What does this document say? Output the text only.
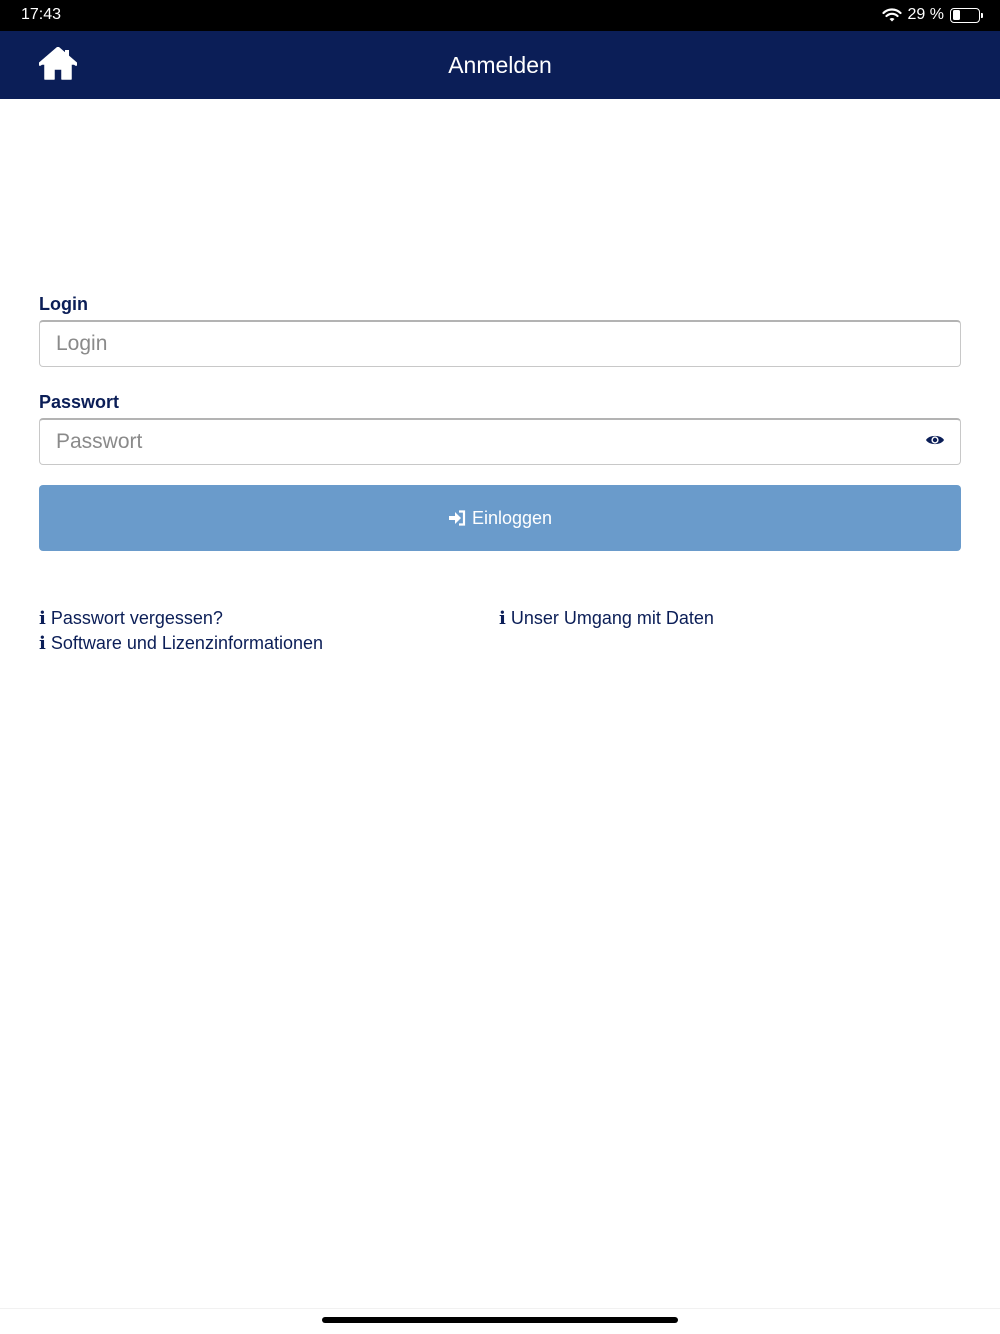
17:43	29 %
Anmelden
Login
Login
Passwort
Einloggen
i Passwort vergessen?
i Software und Lizenzinformationen
i Unser Umgang mit Daten
